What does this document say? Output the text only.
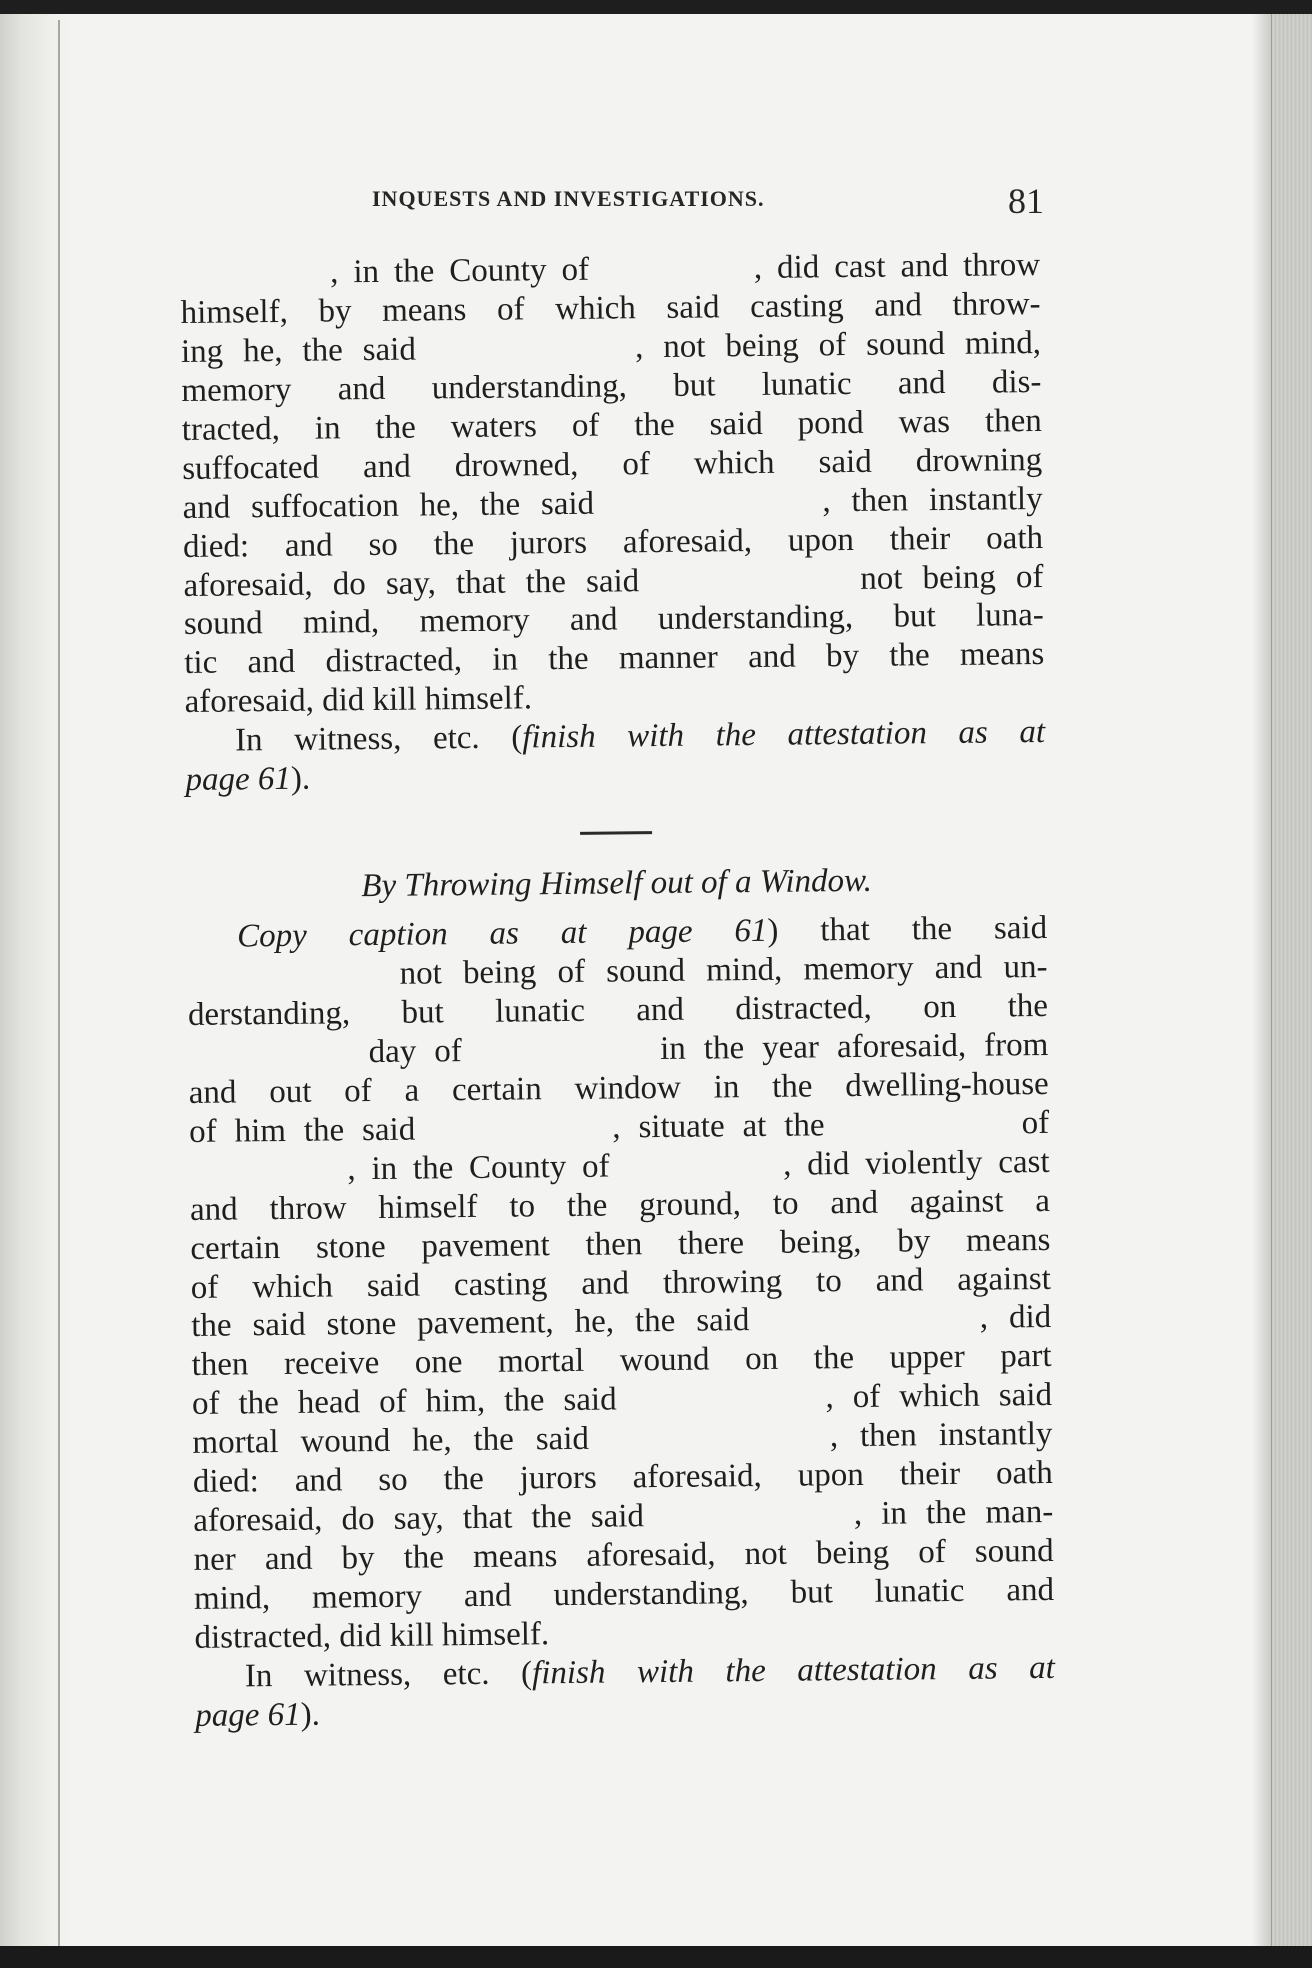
INQUESTS AND INVESTIGATIONS.	81
, in the County of           , did cast and throw
himself, by means of which said casting and throw-
ing he, the said           , not being of sound mind,
memory and understanding, but lunatic and dis-
tracted, in the waters of the said pond was then
suffocated and drowned, of which said drowning
and suffocation he, the said           , then instantly
died: and so the jurors aforesaid, upon their oath
aforesaid, do say, that the said           not being of
sound mind, memory and understanding, but luna-
tic and distracted, in the manner and by the means
aforesaid, did kill himself.
In witness, etc. (finish with the attestation as at
page 61).
By Throwing Himself out of a Window.
Copy caption as at page 61) that the said
not being of sound mind, memory and un-
derstanding, but lunatic and distracted, on the
day of           in the year aforesaid, from
and out of a certain window in the dwelling-house
of him the said           , situate at the           of
, in the County of           , did violently cast
and throw himself to the ground, to and against a
certain stone pavement then there being, by means
of which said casting and throwing to and against
the said stone pavement, he, the said           , did
then receive one mortal wound on the upper part
of the head of him, the said           , of which said
mortal wound he, the said           , then instantly
died: and so the jurors aforesaid, upon their oath
aforesaid, do say, that the said           , in the man-
ner and by the means aforesaid, not being of sound
mind, memory and understanding, but lunatic and
distracted, did kill himself.
In witness, etc. (finish with the attestation as at
page 61).
